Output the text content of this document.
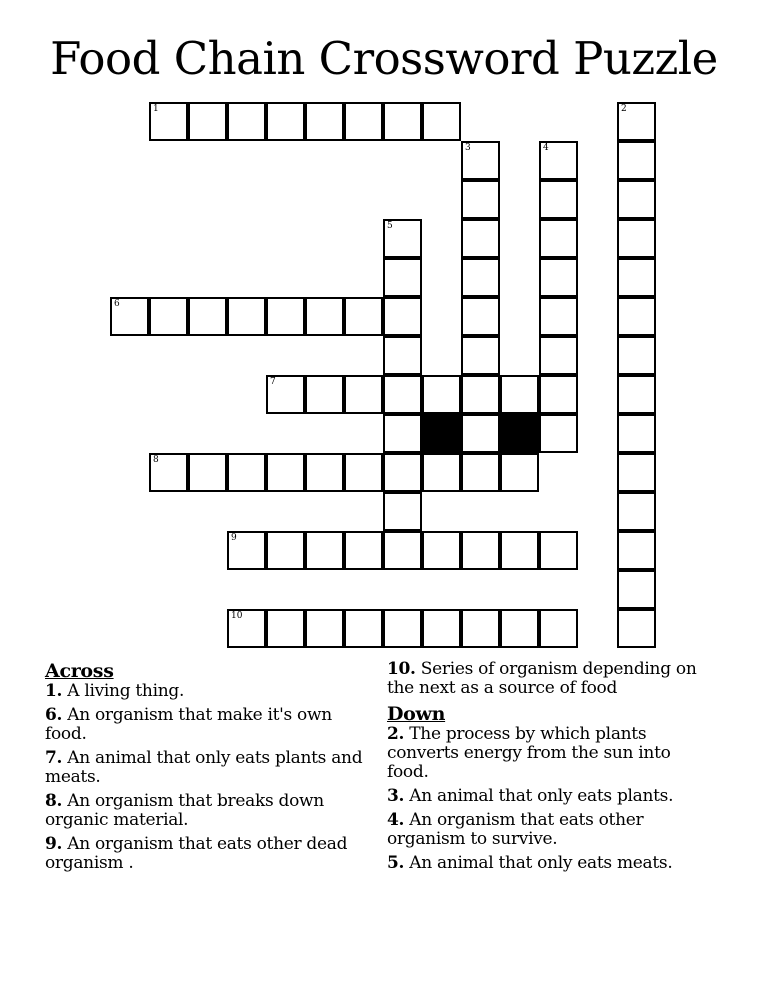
Food Chain Crossword Puzzle
1	2
3	4
5
6
7
8
9
10
Across
1. A living thing.
6. An organism that make it's own food.
7. An animal that only eats plants and meats.
8. An organism that breaks down organic material.
9. An organism that eats other dead organism .
10. Series of organism depending on the next as a source of food
Down
2. The process by which plants converts energy from the sun into food.
3. An animal that only eats plants.
4. An organism that eats other organism to survive.
5. An animal that only eats meats.
